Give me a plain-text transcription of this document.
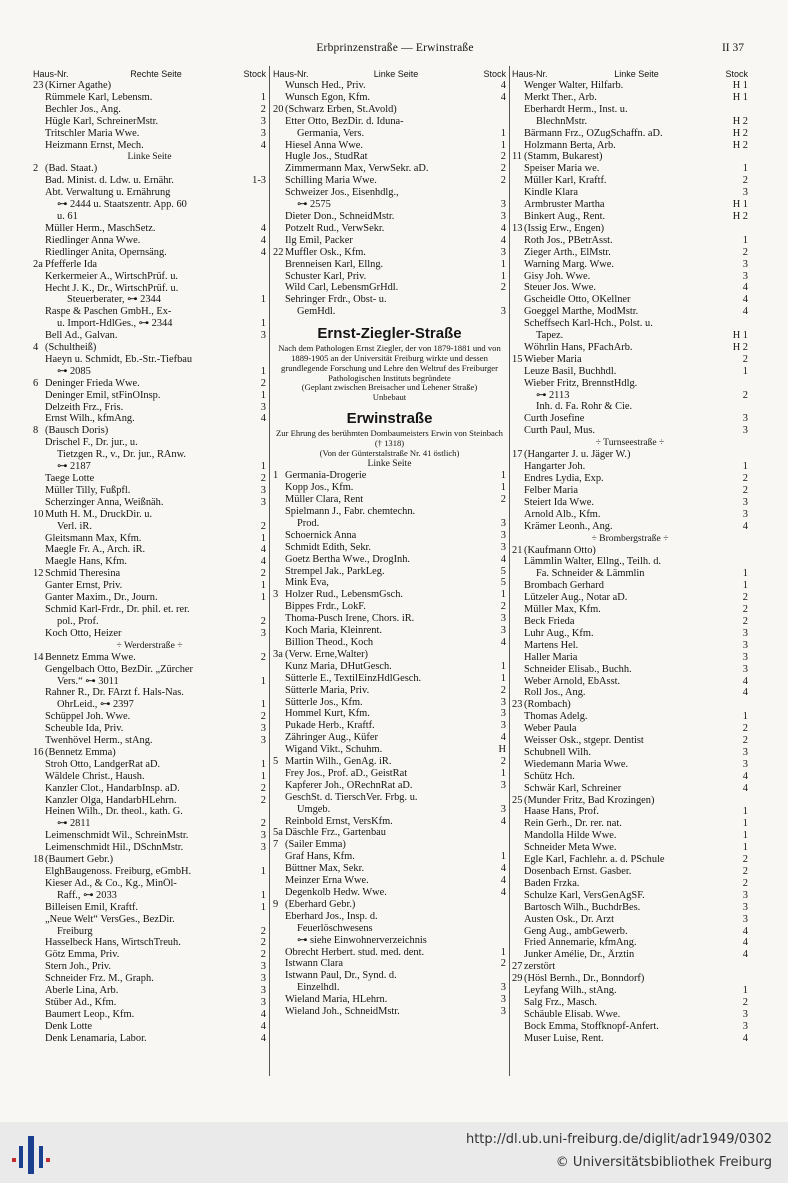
Erbprinzenstraße — Erwinstraße	II 37
Haus-Nr.	Rechte Seite	Stock
23 (Kirner Agathe)
Rümmele Karl, Lebensm.	1
Bechler Jos., Ang.	2
Hügle Karl, SchreinerMstr.	3
Tritschler Maria Wwe.	3
Heizmann Ernst, Mech.	4
Linke Seite
2 (Bad. Staat.)
Bad. Minist. d. Ldw. u. Ernähr.	1-3
Abt. Verwaltung u. Ernährung
⊶ 2444 u. Staatszentr. App. 60
u. 61
Müller Herm., MaschSetz.	4
Riedlinger Anna Wwe.	4
Riedlinger Anita, Opernsäng.	4
2a Pfefferle Ida
Kerkermeier A., WirtschPrüf. u.
Hecht J. K., Dr., WirtschPrüf. u.
Steuerberater, ⊶ 2344	1
Raspe & Paschen GmbH., Ex-
u. Import-HdlGes., ⊶ 2344	1
Bell Ad., Galvan.	3
4 (Schultheiß)
Haeyn u. Schmidt, Eb.-Str.-Tiefbau
⊶ 2085	1
6 Deninger Frieda Wwe.	2
Deninger Emil, stFinOInsp.	1
Delzeith Frz., Fris.	3
Ernst Wilh., kfmAng.	4
8 (Bausch Doris)
Drischel F., Dr. jur., u.
Tietzgen R., v., Dr. jur., RAnw.
⊶ 2187	1
Taege Lotte	2
Müller Tilly, Fußpfl.	3
Scherzinger Anna, Weißnäh.	3
10 Muth H. M., DruckDir. u.
Verl. iR.	2
Gleitsmann Max, Kfm.	1
Maegle Fr. A., Arch. iR.	4
Maegle Hans, Kfm.	4
12 Schmid Theresina	2
Ganter Ernst, Priv.	1
Ganter Maxim., Dr., Journ.	1
Schmid Karl-Frdr., Dr. phil. et. rer.
pol., Prof.	2
Koch Otto, Heizer	3
÷ Werderstraße ÷
14 Bennetz Emma Wwe.	2
Gengelbach Otto, BezDir. „Zürcher
Vers.“ ⊶ 3011	1
Rahner R., Dr. FArzt f. Hals-Nas.
OhrLeid., ⊶ 2397	1
Schüppel Joh. Wwe.	2
Scheuble Ida, Priv.	3
Twenhövel Herm., stAng.	3
16 (Bennetz Emma)
Stroh Otto, LandgerRat aD.	1
Wäldele Christ., Haush.	1
Kanzler Clot., HandarbInsp. aD.	2
Kanzler Olga, HandarbHLehrn.	2
Heinen Wilh., Dr. theol., kath. G.
⊶ 2811	2
Leimenschmidt Wil., SchreinMstr.	3
Leimenschmidt Hil., DSchnMstr.	3
18 (Baumert Gebr.)
ElghBaugenoss. Freiburg, eGmbH.	1
Kieser Ad., & Co., Kg., MinÖl-
Raff., ⊶ 2033	1
Billeisen Emil, Kraftf.	1
„Neue Welt“ VersGes., BezDir.
Freiburg	2
Hasselbeck Hans, WirtschTreuh.	2
Götz Emma, Priv.	2
Stern Joh., Priv.	3
Schneider Frz. M., Graph.	3
Aberle Lina, Arb.	3
Stüber Ad., Kfm.	3
Baumert Leop., Kfm.	4
Denk Lotte	4
Denk Lenamaria, Labor.	4
Haus-Nr.	Linke Seite	Stock
Wunsch Hed., Priv.	4
Wunsch Egon, Kfm.	4
20 (Schwarz Erben, St.Avold)
Etter Otto, BezDir. d. Iduna-
Germania, Vers.	1
Hiesel Anna Wwe.	1
Hugle Jos., StudRat	2
Zimmermann Max, VerwSekr. aD.	2
Schilling Maria Wwe.	2
Schweizer Jos., Eisenhdlg.,
⊶ 2575	3
Dieter Don., SchneidMstr.	3
Potzelt Rud., VerwSekr.	4
Ilg Emil, Packer	4
22 Muffler Osk., Kfm.	3
Brenneisen Karl, Ellng.	1
Schuster Karl, Priv.	1
Wild Carl, LebensmGrHdl.	2
Sehringer Frdr., Obst- u.
GemHdl.	3
Ernst-Ziegler-Straße
Nach dem Pathologen Ernst Ziegler, der von 1879-1881 und von 1889-1905 an der Universität Freiburg wirkte und dessen grundlegende Forschung und Lehre den Weltruf des Freiburger Pathologischen Instituts begründete
(Geplant zwischen Breisacher und Lehener Straße)
Unbebaut
Erwinstraße
Zur Ehrung des berühmten Dombaumeisters Erwin von Steinbach († 1318)
(Von der Günterstalstraße Nr. 41 östlich)
Linke Seite
1 Germania-Drogerie	1
Kopp Jos., Kfm.	1
Müller Clara, Rent	2
Spielmann J., Fabr. chemtechn.
Prod.	3
Schoernick Anna	3
Schmidt Edith, Sekr.	3
Goetz Bertha Wwe., DrogInh.	4
Strempel Jak., ParkLeg.	5
Mink Eva,	5
3 Holzer Rud., LebensmGsch.	1
Bippes Frdr., LokF.	2
Thoma-Pusch Irene, Chors. iR.	3
Koch Maria, Kleinrent.	3
Billion Theod., Koch	4
3a (Verw. Erne,Walter)
Kunz Maria, DHutGesch.	1
Sütterle E., TextilEinzHdlGesch.	1
Sütterle Maria, Priv.	2
Sütterle Jos., Kfm.	3
Hommel Kurt, Kfm.	3
Pukade Herb., Kraftf.	3
Zähringer Aug., Küfer	4
Wigand Vikt., Schuhm.	H
5 Martin Wilh., GenAg. iR.	2
Frey Jos., Prof. aD., GeistRat	1
Kapferer Joh., ORechnRat aD.	3
GeschSt. d. TierschVer. Frbg. u.
Umgeb.	3
Reinbold Ernst, VersKfm.	4
5a Däschle Frz., Gartenbau
7 (Sailer Emma)
Graf Hans, Kfm.	1
Büttner Max, Sekr.	4
Meinzer Erna Wwe.	4
Degenkolb Hedw. Wwe.	4
9 (Eberhard Gebr.)
Eberhard Jos., Insp. d.
Feuerlöschwesens
⊶ siehe Einwohnerverzeichnis
Obrecht Herbert. stud. med. dent.	1
Istwann Clara	2
Istwann Paul, Dr., Synd. d.
Einzelhdl.	3
Wieland Maria, HLehrn.	3
Wieland Joh., SchneidMstr.	3
Haus-Nr.	Linke Seite	Stock
Wenger Walter, Hilfarb.	H 1
Merkt Ther., Arb.	H 1
Eberhardt Herm., Inst. u.
BlechnMstr.	H 2
Bärmann Frz., OZugSchaffn. aD.	H 2
Holzmann Berta, Arb.	H 2
11 (Stamm, Bukarest)
Speiser Maria we.	1
Müller Karl, Kraftf.	2
Kindle Klara	3
Armbruster Martha	H 1
Binkert Aug., Rent.	H 2
13 (Issig Erw., Engen)
Roth Jos., PBetrAsst.	1
Zieger Arth., ElMstr.	2
Warning Marg. Wwe.	3
Gisy Joh. Wwe.	3
Steuer Jos. Wwe.	4
Gscheidle Otto, OKellner	4
Goeggel Marthe, ModMstr.	4
Scheffsech Karl-Hch., Polst. u.
Tapez.	H 1
Wöhrlin Hans, PFachArb.	H 2
15 Wieber Maria	2
Leuze Basil, Buchhdl.	1
Wieber Fritz, BrennstHdlg.
⊶ 2113	2
Inh. d. Fa. Rohr & Cie.
Curth Josefine	3
Curth Paul, Mus.	3
÷ Turnseestraße ÷
17 (Hangarter J. u. Jäger W.)
Hangarter Joh.	1
Endres Lydia, Exp.	2
Felber Maria	2
Steiert Ida Wwe.	3
Arnold Alb., Kfm.	3
Krämer Leonh., Ang.	4
÷ Brombergstraße ÷
21 (Kaufmann Otto)
Lämmlin Walter, Ellng., Teilh. d.
Fa. Schneider & Lämmlin	1
Brombach Gerhard	1
Lützeler Aug., Notar aD.	2
Müller Max, Kfm.	2
Beck Frieda	2
Luhr Aug., Kfm.	3
Martens Hel.	3
Haller Maria	3
Schneider Elisab., Buchh.	3
Weber Arnold, EbAsst.	4
Roll Jos., Ang.	4
23 (Rombach)
Thomas Adelg.	1
Weber Paula	2
Weisser Osk., stgepr. Dentist	2
Schubnell Wilh.	3
Wiedemann Maria Wwe.	3
Schütz Hch.	4
Schwär Karl, Schreiner	4
25 (Munder Fritz, Bad Krozingen)
Haase Hans, Prof.	1
Rein Gerh., Dr. rer. nat.	1
Mandolla Hilde Wwe.	1
Schneider Meta Wwe.	1
Egle Karl, Fachlehr. a. d. PSchule	2
Dosenbach Ernst. Gasber.	2
Baden Frzka.	2
Schulze Karl, VersGenAgSF.	3
Bartosch Wilh., BuchdrBes.	3
Austen Osk., Dr. Arzt	3
Geng Aug., ambGewerb.	4
Fried Annemarie, kfmAng.	4
Junker Amélie, Dr., Ärztin	4
27 zerstört
29 (Hösl Bernh., Dr., Bonndorf)
Leyfang Wilh., stAng.	1
Salg Frz., Masch.	2
Schäuble Elisab. Wwe.	3
Bock Emma, Stoffknopf-Anfert.	3
Muser Luise, Rent.	4
http://dl.ub.uni-freiburg.de/diglit/adr1949/0302
© Universitätsbibliothek Freiburg
